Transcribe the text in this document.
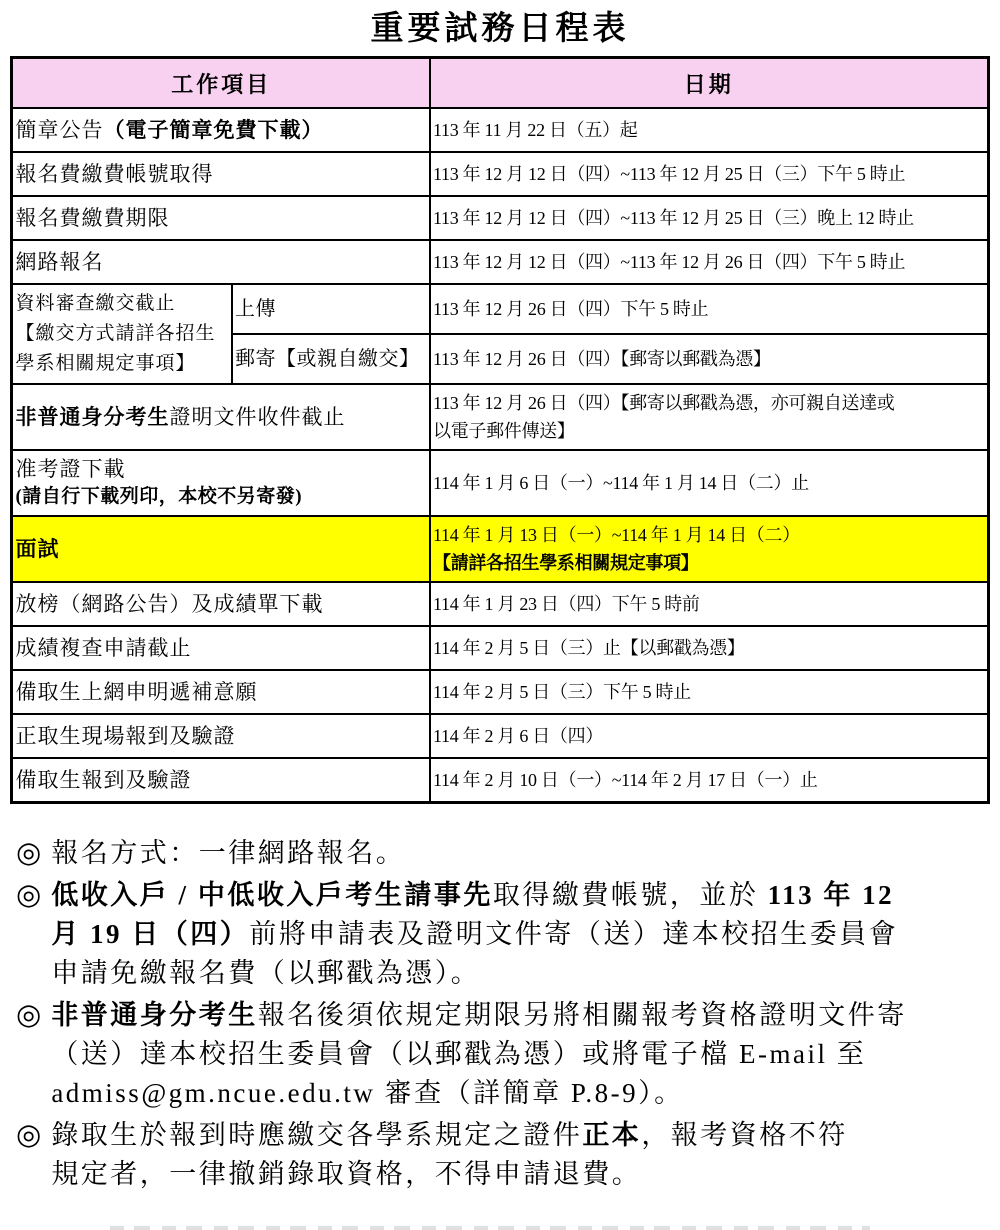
重要試務日程表
工作項目		日期

簡章公告（電子簡章免費下載）		113 年 11 月 22 日（五）起

報名費繳費帳號取得		113 年 12 月 12 日（四）~113 年 12 月 25 日（三）下午 5 時止

報名費繳費期限		113 年 12 月 12 日（四）~113 年 12 月 25 日（三）晚上 12 時止

網路報名		113 年 12 月 12 日（四）~113 年 12 月 26 日（四）下午 5 時止

資料審查繳交截止
【繳交方式請詳各招生
學系相關規定事項】	上傳	113 年 12 月 26 日（四）下午 5 時止

	郵寄【或親自繳交】	113 年 12 月 26 日（四）【郵寄以郵戳為憑】

非普通身分考生證明文件收件截止		113 年 12 月 26 日（四）【郵寄以郵戳為憑，亦可親自送達或
以電子郵件傳送】

准考證下載
(請自行下載列印，本校不另寄發)		114 年 1 月 6 日（一）~114 年 1 月 14 日（二）止

面試		114 年 1 月 13 日（一）~114 年 1 月 14 日（二）
【請詳各招生學系相關規定事項】

放榜（網路公告）及成績單下載		114 年 1 月 23 日（四）下午 5 時前

成績複查申請截止		114 年 2 月 5 日（三）止【以郵戳為憑】

備取生上網申明遞補意願		114 年 2 月 5 日（三）下午 5 時止

正取生現場報到及驗證		114 年 2 月 6 日（四）

備取生報到及驗證		114 年 2 月 10 日（一）~114 年 2 月 17 日（一）止
◎ 報名方式：一律網路報名。
◎ 低收入戶 / 中低收入戶考生請事先取得繳費帳號，並於 113 年 12
月 19 日（四）前將申請表及證明文件寄（送）達本校招生委員會
申請免繳報名費（以郵戳為憑）。
◎ 非普通身分考生報名後須依規定期限另將相關報考資格證明文件寄
（送）達本校招生委員會（以郵戳為憑）或將電子檔 E-mail 至
admiss@gm.ncue.edu.tw 審查（詳簡章 P.8-9）。
◎ 錄取生於報到時應繳交各學系規定之證件正本，報考資格不符
規定者，一律撤銷錄取資格，不得申請退費。
